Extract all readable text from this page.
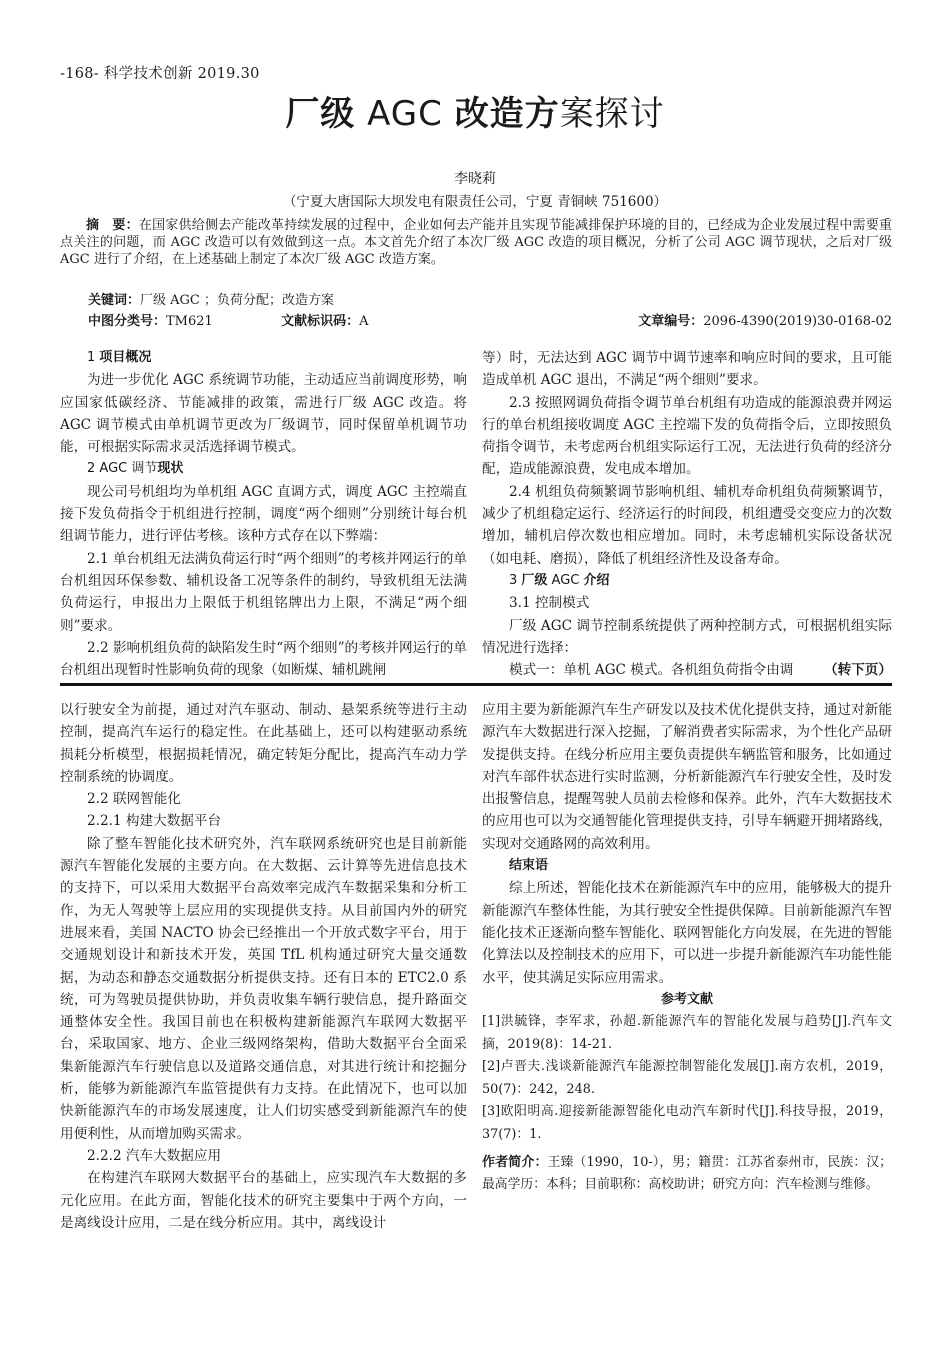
-168- 科学技术创新 2019.30
厂级 AGC 改造方案探讨
李晓莉
（宁夏大唐国际大坝发电有限责任公司，宁夏 青铜峡 751600）
摘　要：在国家供给侧去产能改革持续发展的过程中，企业如何去产能并且实现节能减排保护环境的目的，已经成为企业发展过程中需要重点关注的问题，而 AGC 改造可以有效做到这一点。本文首先介绍了本次厂级 AGC 改造的项目概况，分析了公司 AGC 调节现状，之后对厂级 AGC 进行了介绍，在上述基础上制定了本次厂级 AGC 改造方案。
关键词：厂级 AGC ；负荷分配；改造方案
中图分类号：TM621	文献标识码：A	文章编号：2096-4390(2019)30-0168-02

1 项目概况

为进一步优化 AGC 系统调节功能，主动适应当前调度形势，响应国家低碳经济、节能减排的政策，需进行厂级 AGC 改造。将 AGC 调节模式由单机调节更改为厂级调节，同时保留单机调节功能，可根据实际需求灵活选择调节模式。

2 AGC 调节现状

现公司号机组均为单机组 AGC 直调方式，调度 AGC 主控端直接下发负荷指令于机组进行控制，调度“两个细则”分别统计每台机组调节能力，进行评估考核。该种方式存在以下弊端：

2.1 单台机组无法满负荷运行时“两个细则”的考核并网运行的单台机组因环保参数、辅机设备工况等条件的制约，导致机组无法满负荷运行，申报出力上限低于机组铭牌出力上限，不满足“两个细则”要求。

2.2 影响机组负荷的缺陷发生时“两个细则”的考核并网运行的单台机组出现暂时性影响负荷的现象（如断煤、辅机跳闸

等）时，无法达到 AGC 调节中调节速率和响应时间的要求，且可能造成单机 AGC 退出，不满足“两个细则”要求。

2.3 按照网调负荷指令调节单台机组有功造成的能源浪费并网运行的单台机组接收调度 AGC 主控端下发的负荷指令后，立即按照负荷指令调节，未考虑两台机组实际运行工况，无法进行负荷的经济分配，造成能源浪费，发电成本增加。

2.4 机组负荷频繁调节影响机组、辅机寿命机组负荷频繁调节，减少了机组稳定运行、经济运行的时间段，机组遭受交变应力的次数增加，辅机启停次数也相应增加。同时，未考虑辅机实际设备状况（如电耗、磨损），降低了机组经济性及设备寿命。

3 厂级 AGC 介绍

3.1 控制模式

厂级 AGC 调节控制系统提供了两种控制方式，可根据机组实际情况进行选择：

模式一：单机 AGC 模式。各机组负荷指令由调	（转下页）

以行驶安全为前提，通过对汽车驱动、制动、悬架系统等进行主动控制，提高汽车运行的稳定性。在此基础上，还可以构建驱动系统损耗分析模型，根据损耗情况，确定转矩分配比，提高汽车动力学控制系统的协调度。

2.2 联网智能化

2.2.1 构建大数据平台

除了整车智能化技术研究外，汽车联网系统研究也是目前新能源汽车智能化发展的主要方向。在大数据、云计算等先进信息技术的支持下，可以采用大数据平台高效率完成汽车数据采集和分析工作，为无人驾驶等上层应用的实现提供支持。从目前国内外的研究进展来看，美国 NACTO 协会已经推出一个开放式数字平台，用于交通规划设计和新技术开发，英国 TfL 机构通过研究大量交通数据，为动态和静态交通数据分析提供支持。还有日本的 ETC2.0 系统，可为驾驶员提供协助，并负责收集车辆行驶信息，提升路面交通整体安全性。我国目前也在积极构建新能源汽车联网大数据平台，采取国家、地方、企业三级网络架构，借助大数据平台全面采集新能源汽车行驶信息以及道路交通信息，对其进行统计和挖掘分析，能够为新能源汽车监管提供有力支持。在此情况下，也可以加快新能源汽车的市场发展速度，让人们切实感受到新能源汽车的使用便利性，从而增加购买需求。

2.2.2 汽车大数据应用

在构建汽车联网大数据平台的基础上，应实现汽车大数据的多元化应用。在此方面，智能化技术的研究主要集中于两个方向，一是离线设计应用，二是在线分析应用。其中，离线设计

应用主要为新能源汽车生产研发以及技术优化提供支持，通过对新能源汽车大数据进行深入挖掘，了解消费者实际需求，为个性化产品研发提供支持。在线分析应用主要负责提供车辆监管和服务，比如通过对汽车部件状态进行实时监测，分析新能源汽车行驶安全性，及时发出报警信息，提醒驾驶人员前去检修和保养。此外，汽车大数据技术的应用也可以为交通智能化管理提供支持，引导车辆避开拥堵路线，实现对交通路网的高效利用。

结束语

综上所述，智能化技术在新能源汽车中的应用，能够极大的提升新能源汽车整体性能，为其行驶安全性提供保障。目前新能源汽车智能化技术正逐渐向整车智能化、联网智能化方向发展，在先进的智能化算法以及控制技术的应用下，可以进一步提升新能源汽车功能性能水平，使其满足实际应用需求。

参考文献

[1]洪毓锋，李军求，孙超.新能源汽车的智能化发展与趋势[J].汽车文摘，2019(8)：14-21.

[2]卢晋夫.浅谈新能源汽车能源控制智能化发展[J].南方农机，2019，50(7)：242，248.

[3]欧阳明高.迎接新能源智能化电动汽车新时代[J].科技导报，2019，37(7)：1.

作者简介：王臻（1990，10-），男；籍贯：江苏省泰州市，民族：汉；最高学历：本科；目前职称：高校助讲；研究方向：汽车检测与维修。
